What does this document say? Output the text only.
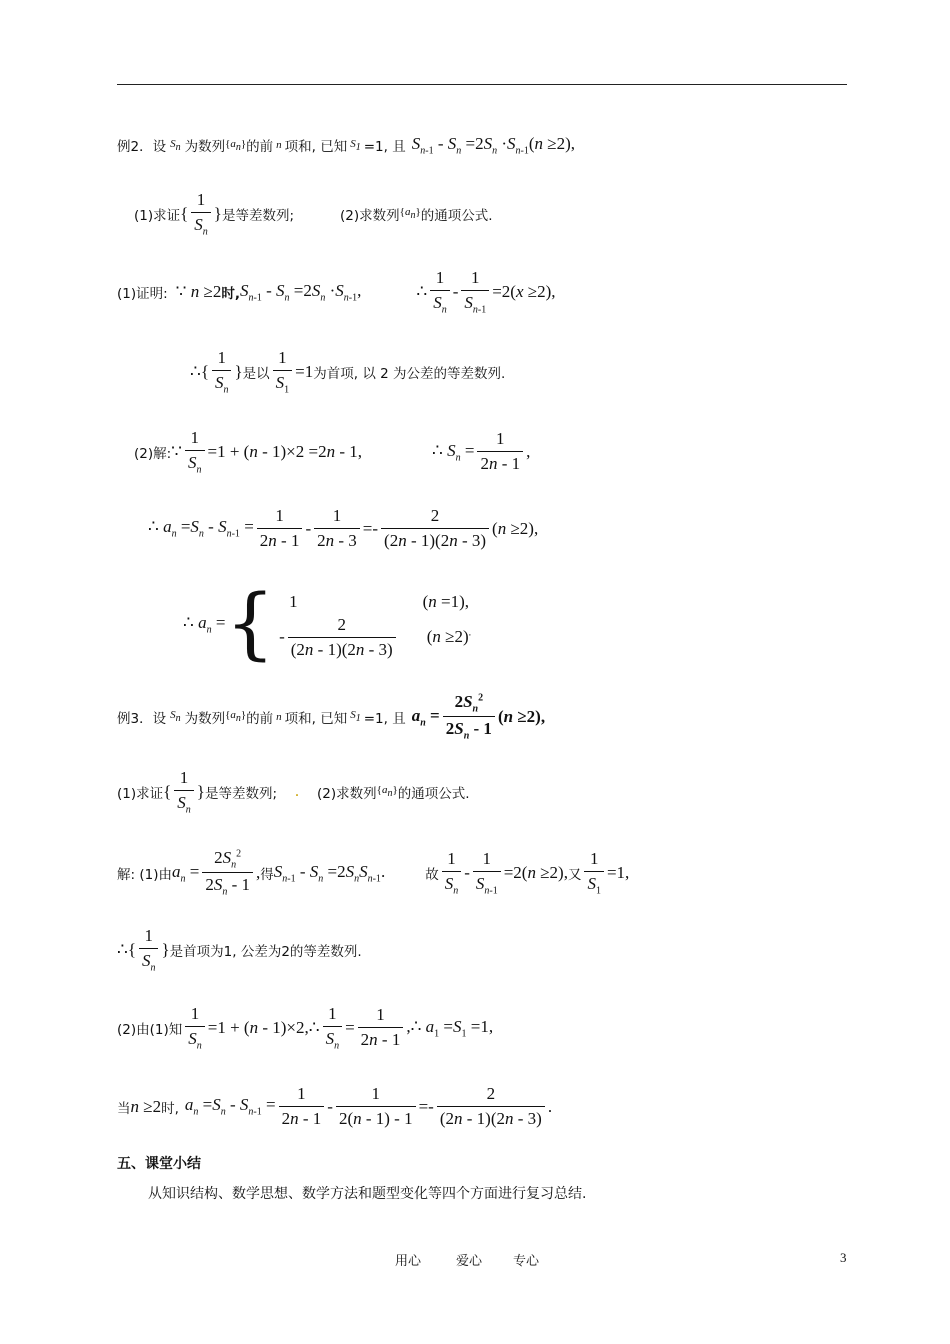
例2．设 $S_n$ 为数列 $\{a_n\}$ 的前 n 项和, 已知 $S_1 =1$, 且 $S_{n-1} - S_n =2S_n \cdot S_{n-1}(n \ge 2)$,
(1)求证 { $\frac{1}{S_n}$ } 是等差数列;	(2)求数列 $\{a_n\}$ 的通项公式.
(1)证明: ∵ n ≥2 时, $S_{n-1} - S_n =2S_n \cdot S_{n-1}$,	∴ $\frac{1}{S_n} - \frac{1}{S_{n-1}} =2(x \ge 2)$,
∴{ $\frac{1}{S_n}$ } 是以 $\frac{1}{S_1} =1$ 为首项, 以 2 为公差的等差数列.
(2)解: ∵ $\frac{1}{S_n} =1 + (n - 1)\times 2 =2n - 1$,	∴ $S_n = \frac{1}{2n - 1}$ ,
∴ $a_n =S_n - S_{n-1} = \frac{1}{2n - 1} - \frac{1}{2n - 3} =- \frac{2}{(2n - 1)(2n - 3)} (n \ge 2)$,
∴ $a_n$ = { 1	(n =1),
- $\frac{2}{(2n - 1)(2n - 3)} (n \ge 2)^.$
例3．设 $S_n$ 为数列 $\{a_n\}$ 的前 n 项和, 已知 $S_1 =1$, 且 $a_n = \frac{2S_n^2}{2S_n - 1} (n \ge 2)$,
(1)求证 { $\frac{1}{S_n}$ } 是等差数列; . (2)求数列 $\{a_n\}$ 的通项公式.
解: (1)由 $a_n = \frac{2S_n^2}{2S_n - 1}$ , 得 $S_{n-1} - S_n =2S_nS_{n-1}$.	故 $\frac{1}{S_n} - \frac{1}{S_{n-1}} =2(n \ge 2)$, 又 $\frac{1}{S_1} =1$,
∴{ $\frac{1}{S_n}$ } 是首项为1, 公差为2的等差数列.
(2)由(1)知 $\frac{1}{S_n} =1 + (n$ - 1)×2,∴ $\frac{1}{S_n} = \frac{1}{2n - 1}$ ,∴ $a_1 =S_1 =1$,
当 n ≥2 时, $a_n =S_n - S_{n-1} = \frac{1}{2n - 1} - \frac{1}{2(n - 1) - 1} =- \frac{2}{(2n - 1)(2n - 3)}$ .
五、课堂小结
从知识结构、数学思想、数学方法和题型变化等四个方面进行复习总结.
用心	爱心 专心	3
